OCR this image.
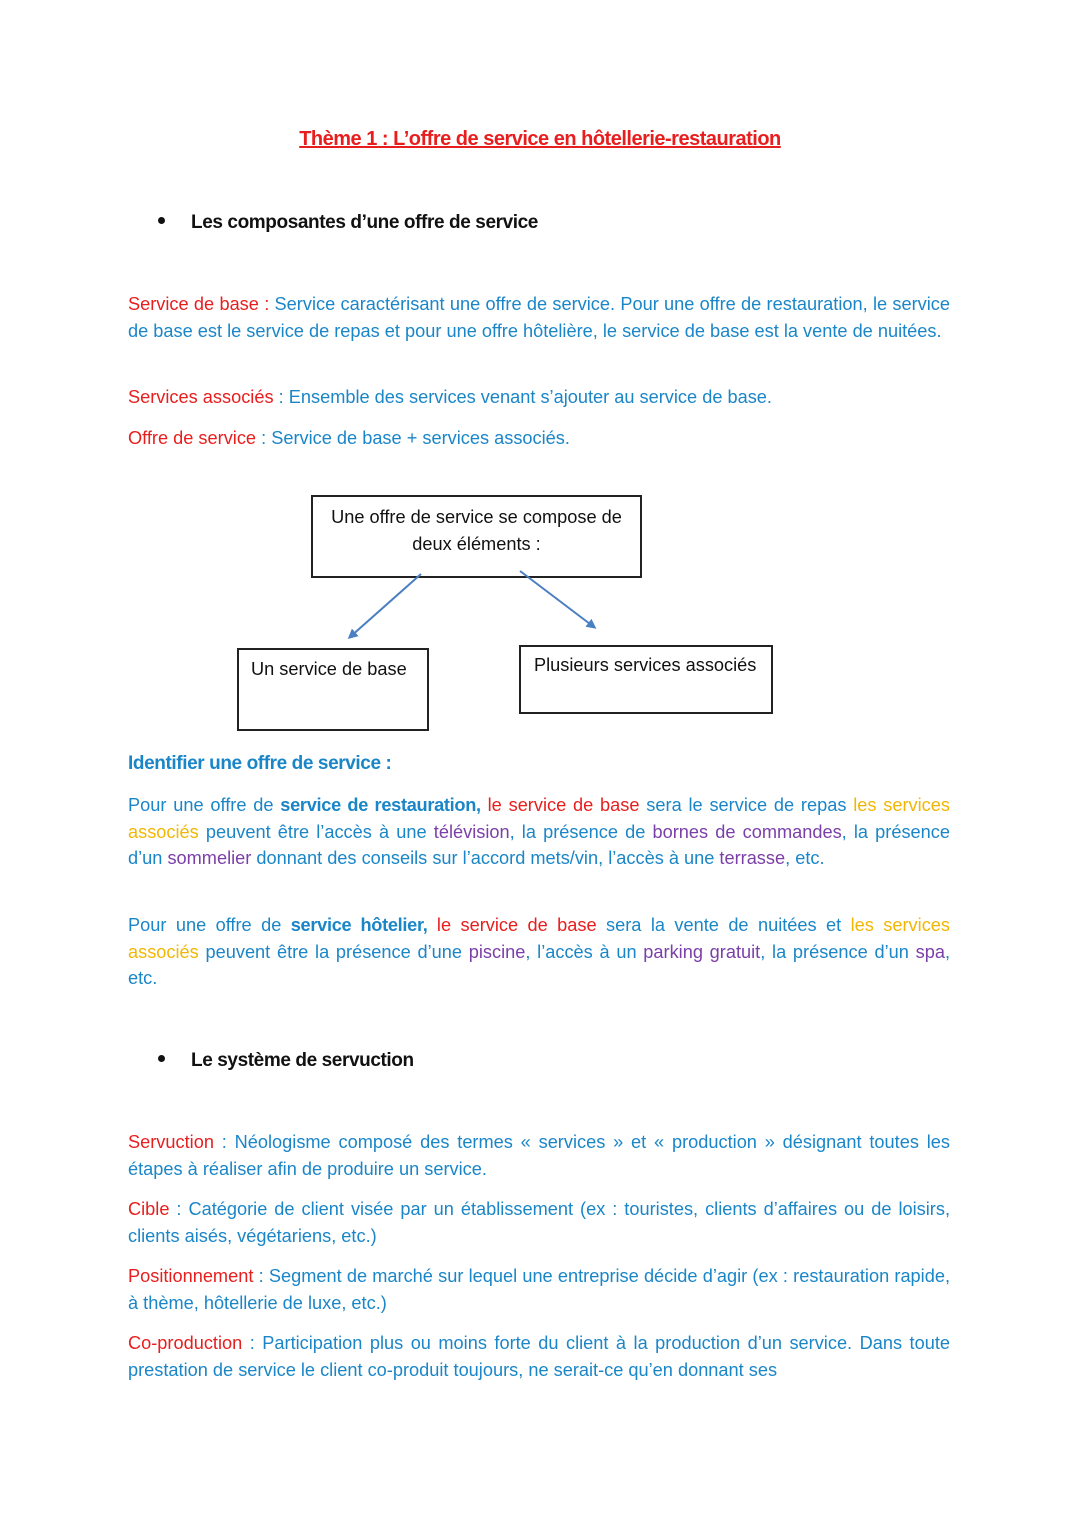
Thème 1 : L’offre de service en hôtellerie-restauration
Les composantes d’une offre de service
Service de base : Service caractérisant une offre de service. Pour une offre de restauration, le service de base est le service de repas et pour une offre hôtelière, le service de base est la vente de nuitées.
Services associés : Ensemble des services venant s’ajouter au service de base.
Offre de service : Service de base + services associés.
Une offre de service se compose de deux éléments :
Un service de base	Plusieurs services associés
Identifier une offre de service :
Pour une offre de service de restauration, le service de base sera le service de repas les services associés peuvent être l’accès à une télévision, la présence de bornes de commandes, la présence d’un sommelier donnant des conseils sur l’accord mets/vin, l’accès à une terrasse, etc.
Pour une offre de service hôtelier, le service de base sera la vente de nuitées et les services associés peuvent être la présence d’une piscine, l’accès à un parking gratuit, la présence d’un spa, etc.
Le système de servuction
Servuction : Néologisme composé des termes « services » et « production » désignant toutes les étapes à réaliser afin de produire un service.
Cible : Catégorie de client visée par un établissement (ex : touristes, clients d’affaires ou de loisirs, clients aisés, végétariens, etc.)
Positionnement : Segment de marché sur lequel une entreprise décide d’agir (ex : restauration rapide, à thème, hôtellerie de luxe, etc.)
Co-production : Participation plus ou moins forte du client à la production d’un service. Dans toute prestation de service le client co-produit toujours, ne serait-ce qu’en donnant ses
